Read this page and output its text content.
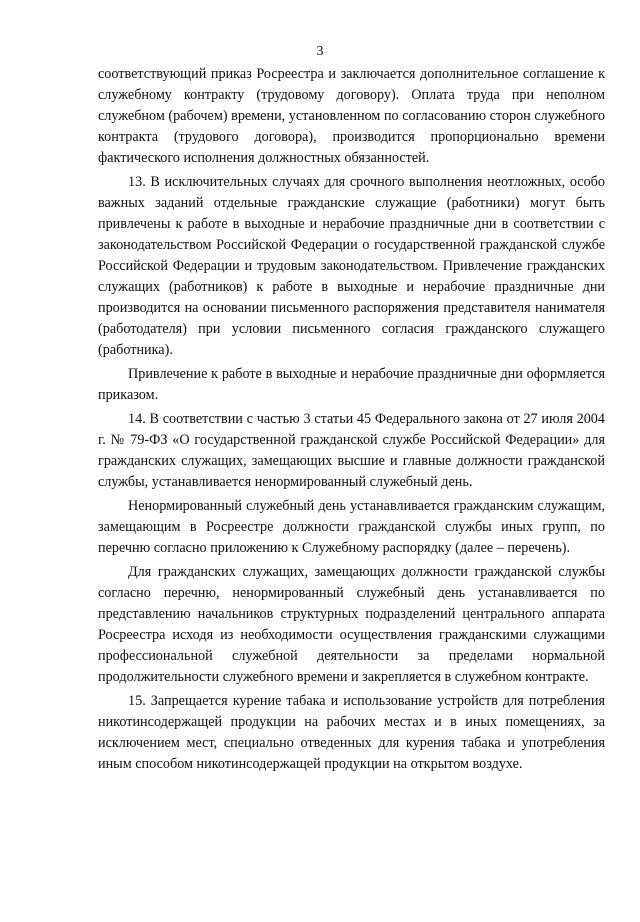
3

соответствующий приказ Росреестра и заключается дополнительное соглашение к служебному контракту (трудовому договору). Оплата труда при неполном служебном (рабочем) времени, установленном по согласованию сторон служебного контракта (трудового договора), производится пропорционально времени фактического исполнения должностных обязанностей.

13. В исключительных случаях для срочного выполнения неотложных, особо важных заданий отдельные гражданские служащие (работники) могут быть привлечены к работе в выходные и нерабочие праздничные дни в соответствии с законодательством Российской Федерации о государственной гражданской службе Российской Федерации и трудовым законодательством. Привлечение гражданских служащих (работников) к работе в выходные и нерабочие праздничные дни производится на основании письменного распоряжения представителя нанимателя (работодателя) при условии письменного согласия гражданского служащего (работника).

Привлечение к работе в выходные и нерабочие праздничные дни оформляется приказом.

14. В соответствии с частью 3 статьи 45 Федерального закона от 27 июля 2004 г. № 79-ФЗ «О государственной гражданской службе Российской Федерации» для гражданских служащих, замещающих высшие и главные должности гражданской службы, устанавливается ненормированный служебный день.

Ненормированный служебный день устанавливается гражданским служащим, замещающим в Росреестре должности гражданской службы иных групп, по перечню согласно приложению к Служебному распорядку (далее – перечень).

Для гражданских служащих, замещающих должности гражданской службы согласно перечню, ненормированный служебный день устанавливается по представлению начальников структурных подразделений центрального аппарата Росреестра исходя из необходимости осуществления гражданскими служащими профессиональной служебной деятельности за пределами нормальной продолжительности служебного времени и закрепляется в служебном контракте.

15. Запрещается курение табака и использование устройств для потребления никотинсодержащей продукции на рабочих местах и в иных помещениях, за исключением мест, специально отведенных для курения табака и употребления иным способом никотинсодержащей продукции на открытом воздухе.
